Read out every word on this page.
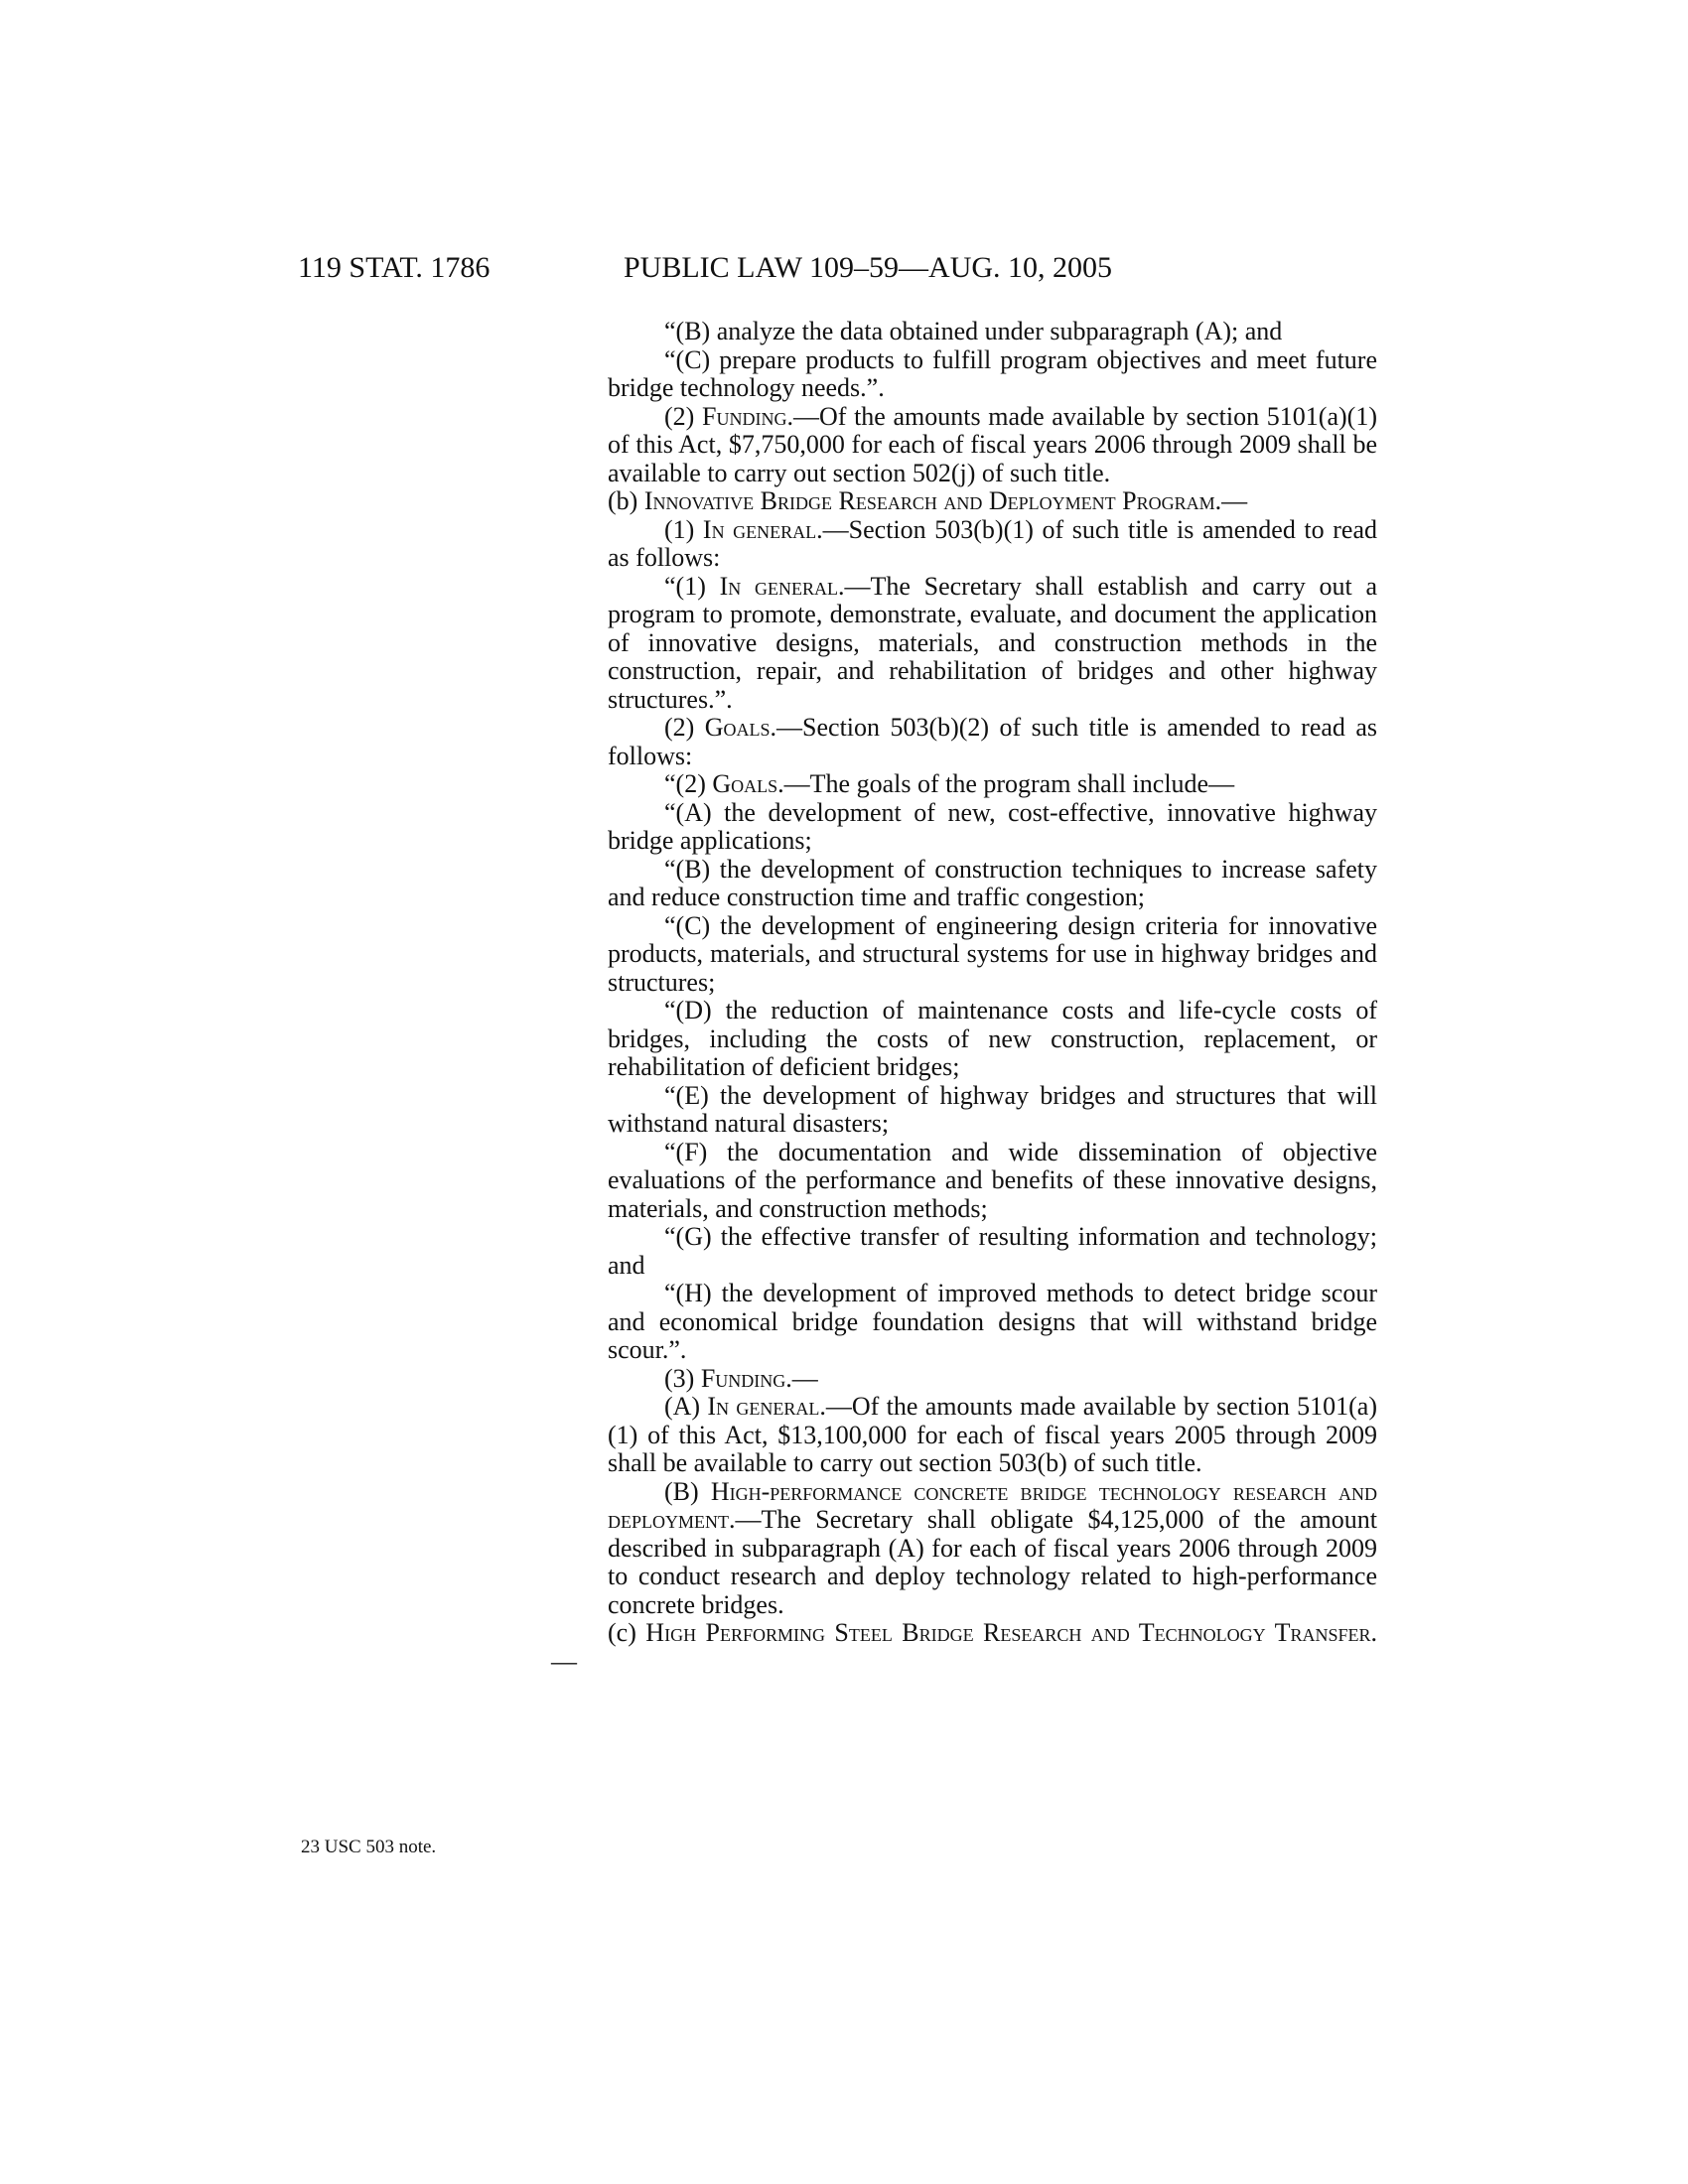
119 STAT. 1786	PUBLIC LAW 109–59—AUG. 10, 2005

“(B) analyze the data obtained under subparagraph (A); and

“(C) prepare products to fulfill program objectives and meet future bridge technology needs.”.

(2) Funding.—Of the amounts made available by section 5101(a)(1) of this Act, $7,750,000 for each of fiscal years 2006 through 2009 shall be available to carry out section 502(j) of such title.

(b) Innovative Bridge Research and Deployment Program.—

(1) In general.—Section 503(b)(1) of such title is amended to read as follows:

“(1) In general.—The Secretary shall establish and carry out a program to promote, demonstrate, evaluate, and document the application of innovative designs, materials, and construction methods in the construction, repair, and rehabilitation of bridges and other highway structures.”.

(2) Goals.—Section 503(b)(2) of such title is amended to read as follows:

“(2) Goals.—The goals of the program shall include—

“(A) the development of new, cost-effective, innovative highway bridge applications;

“(B) the development of construction techniques to increase safety and reduce construction time and traffic congestion;

“(C) the development of engineering design criteria for innovative products, materials, and structural systems for use in highway bridges and structures;

“(D) the reduction of maintenance costs and life-cycle costs of bridges, including the costs of new construction, replacement, or rehabilitation of deficient bridges;

“(E) the development of highway bridges and structures that will withstand natural disasters;

“(F) the documentation and wide dissemination of objective evaluations of the performance and benefits of these innovative designs, materials, and construction methods;

“(G) the effective transfer of resulting information and technology; and

“(H) the development of improved methods to detect bridge scour and economical bridge foundation designs that will withstand bridge scour.”.

(3) Funding.—

(A) In general.—Of the amounts made available by section 5101(a)(1) of this Act, $13,100,000 for each of fiscal years 2005 through 2009 shall be available to carry out section 503(b) of such title.

(B) High-performance concrete bridge technology research and deployment.—The Secretary shall obligate $4,125,000 of the amount described in subparagraph (A) for each of fiscal years 2006 through 2009 to conduct research and deploy technology related to high-performance concrete bridges.

(c) High Performing Steel Bridge Research and Technology Transfer.—

23 USC 503 note.
